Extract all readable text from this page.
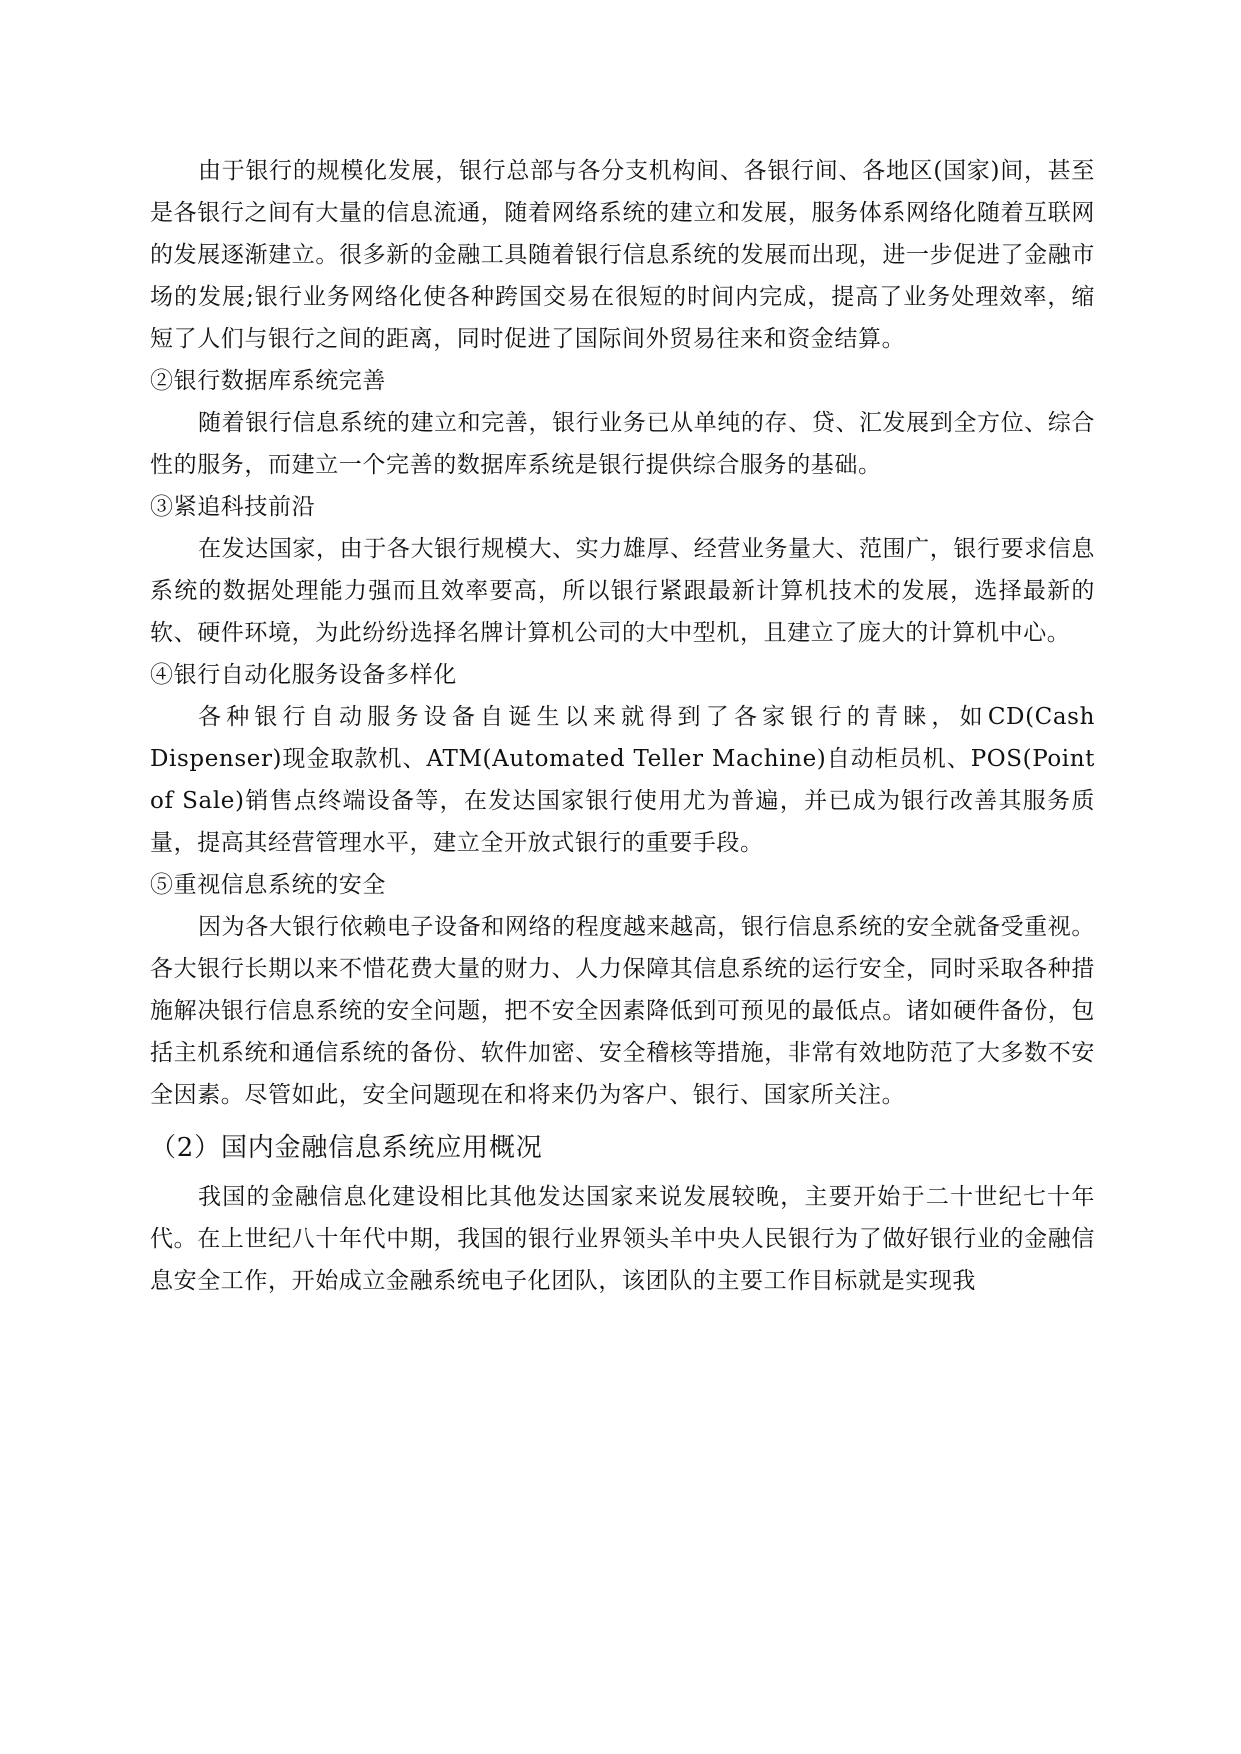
由于银行的规模化发展，银行总部与各分支机构间、各银行间、各地区(国家)间，甚至是各银行之间有大量的信息流通，随着网络系统的建立和发展，服务体系网络化随着互联网的发展逐渐建立。很多新的金融工具随着银行信息系统的发展而出现，进一步促进了金融市场的发展;银行业务网络化使各种跨国交易在很短的时间内完成，提高了业务处理效率，缩短了人们与银行之间的距离，同时促进了国际间外贸易往来和资金结算。

②银行数据库系统完善

随着银行信息系统的建立和完善，银行业务已从单纯的存、贷、汇发展到全方位、综合性的服务，而建立一个完善的数据库系统是银行提供综合服务的基础。

③紧追科技前沿

在发达国家，由于各大银行规模大、实力雄厚、经营业务量大、范围广，银行要求信息系统的数据处理能力强而且效率要高，所以银行紧跟最新计算机技术的发展，选择最新的软、硬件环境，为此纷纷选择名牌计算机公司的大中型机，且建立了庞大的计算机中心。

④银行自动化服务设备多样化

各种银行自动服务设备自诞生以来就得到了各家银行的青睐，如CD(Cash Dispenser)现金取款机、ATM(Automated Teller Machine)自动柜员机、POS(Point of Sale)销售点终端设备等，在发达国家银行使用尤为普遍，并已成为银行改善其服务质量，提高其经营管理水平，建立全开放式银行的重要手段。

⑤重视信息系统的安全

因为各大银行依赖电子设备和网络的程度越来越高，银行信息系统的安全就备受重视。各大银行长期以来不惜花费大量的财力、人力保障其信息系统的运行安全，同时采取各种措施解决银行信息系统的安全问题，把不安全因素降低到可预见的最低点。诸如硬件备份，包括主机系统和通信系统的备份、软件加密、安全稽核等措施，非常有效地防范了大多数不安全因素。尽管如此，安全问题现在和将来仍为客户、银行、国家所关注。

（2）国内金融信息系统应用概况

我国的金融信息化建设相比其他发达国家来说发展较晚，主要开始于二十世纪七十年代。在上世纪八十年代中期，我国的银行业界领头羊中央人民银行为了做好银行业的金融信息安全工作，开始成立金融系统电子化团队，该团队的主要工作目标就是实现我
